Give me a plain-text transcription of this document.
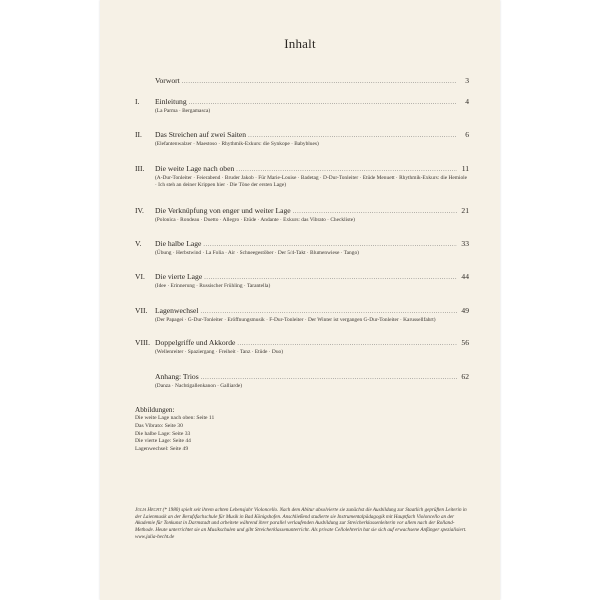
Inhalt
Vorwort . . .	3
I.	Einleitung . . .	4
(La Parma · Bergamasca)
II.	Das Streichen auf zwei Saiten . . .	6
(Elefantenwalzer · Maestoso · Rhythmik-Exkurs: die Synkope · Babyblues)
III.	Die weite Lage nach oben . . .	11
(A-Dur-Tonleiter · Feierabend · Bruder Jakob · Für Marie-Louise · Badetag · D-Dur-Tonleiter · Etüde Menuett · Rhythmik-Exkurs: die Hemiole · Ich steh an deiner Krippen hier · Die Töne der ersten Lage)
IV.	Die Verknüpfung von enger und weiter Lage . . .	21
(Polonica · Rondeau · Duetto · Allegro · Etüde · Andante · Exkurs: das Vibrato · Checkliste)
V.	Die halbe Lage . . .	33
(Übung · Herbstwind · La Folia · Air · Schneegestöber · Der 5/4-Takt · Blumenwiese · Tango)
VI.	Die vierte Lage . . .	44
(Idee · Erinnerung · Russischer Frühling · Tarantella)
VII. Lagenwechsel . . .	49
(Der Papagei · G-Dur-Tonleiter · Eröffnungsmusik · F-Dur-Tonleiter · Der Winter ist vergangen G-Dur-Tonleiter · Karussellfahrt)
VIII. Doppelgriffe und Akkorde . . .	56
(Wellenreiter · Spaziergang · Freiheit · Tanz · Etüde · Duo)
Anhang: Trios . . .	62
(Danza · Nachtigallenkanon · Galliarde)
Abbildungen:
Die weite Lage nach oben: Seite 11
Das Vibrato: Seite 30
Die halbe Lage: Seite 33
Die vierte Lage: Seite 44
Lagenwechsel: Seite 49
Julia Hecht (* 1980) spielt seit ihrem achten Lebensjahr Violoncello. Nach dem Abitur absolvierte sie zunächst die Ausbildung zur Staatlich geprüften Leiterin in der Laienmusik an der Berufsfachschule für Musik in Bad Königshofen. Anschließend studierte sie Instrumentalpädagogik mit Hauptfach Violoncello an der Akademie für Tonkunst in Darmstadt und arbeitete während ihrer parallel verlaufenden Ausbildung zur Streicherklassenleiterin vor allem nach der Rolland-Methode. Heute unterrichtet sie an Musikschulen und gibt Streicherklassenunterricht. Als private Cellolehrerin hat sie sich auf erwachsene Anfänger spezialisiert.
www.julia-hecht.de
